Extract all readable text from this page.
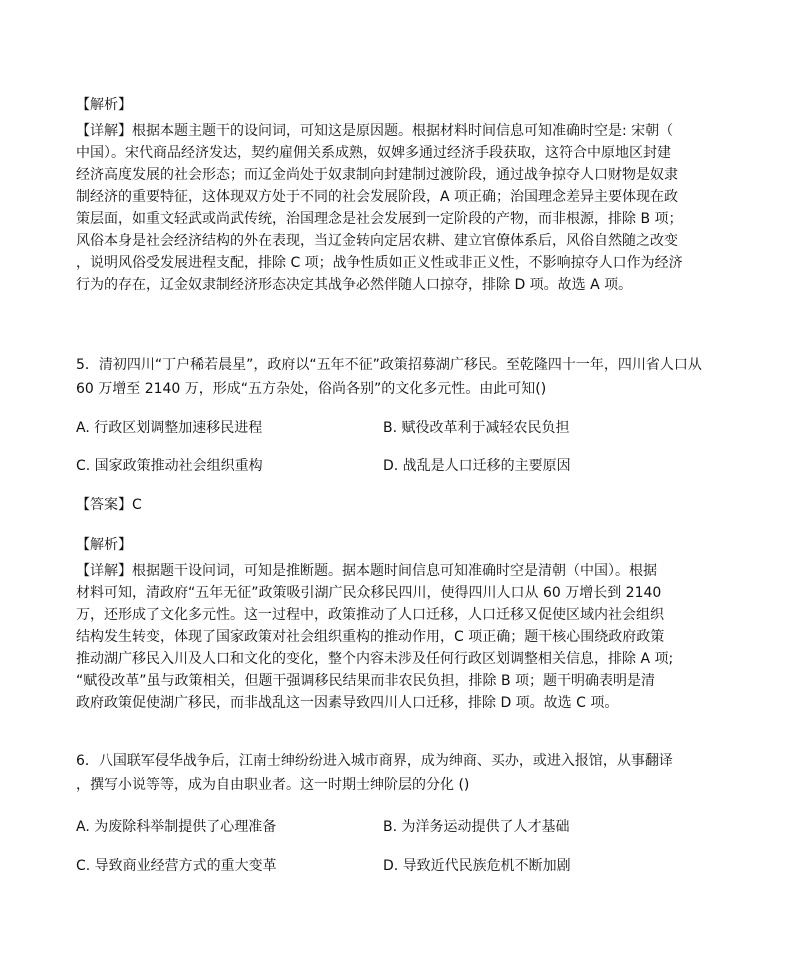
【解析】

【详解】根据本题主题干的设问词，可知这是原因题。根据材料时间信息可知准确时空是: 宋朝（
中国）。宋代商品经济发达，契约雇佣关系成熟，奴婢多通过经济手段获取，这符合中原地区封建
经济高度发展的社会形态；而辽金尚处于奴隶制向封建制过渡阶段，通过战争掠夺人口财物是奴隶
制经济的重要特征，这体现双方处于不同的社会发展阶段，A 项正确；治国理念差异主要体现在政
策层面，如重文轻武或尚武传统，治国理念是社会发展到一定阶段的产物，而非根源，排除 B 项；
风俗本身是社会经济结构的外在表现，当辽金转向定居农耕、建立官僚体系后，风俗自然随之改变
，说明风俗受发展进程支配，排除 C 项；战争性质如正义性或非正义性，不影响掠夺人口作为经济
行为的存在，辽金奴隶制经济形态决定其战争必然伴随人口掠夺，排除 D 项。故选 A 项。

5．清初四川“丁户稀若晨星”，政府以“五年不征”政策招募湖广移民。至乾隆四十一年，四川省人口从
60 万增至 2140 万，形成“五方杂处，俗尚各别”的文化多元性。由此可知()

A. 行政区划调整加速移民进程	B. 赋役改革利于减轻农民负担
C. 国家政策推动社会组织重构	D. 战乱是人口迁移的主要原因
【答案】C

【解析】

【详解】根据题干设问词，可知是推断题。据本题时间信息可知准确时空是清朝（中国）。根据
材料可知，清政府“五年无征”政策吸引湖广民众移民四川，使得四川人口从 60 万增长到 2140
万，还形成了文化多元性。这一过程中，政策推动了人口迁移，人口迁移又促使区域内社会组织
结构发生转变，体现了国家政策对社会组织重构的推动作用，C 项正确；题干核心围绕政府政策
推动湖广移民入川及人口和文化的变化，整个内容未涉及任何行政区划调整相关信息，排除 A 项;
“赋役改革”虽与政策相关，但题干强调移民结果而非农民负担，排除 B 项；题干明确表明是清
政府政策促使湖广移民，而非战乱这一因素导致四川人口迁移，排除 D 项。故选 C 项。

6．八国联军侵华战争后，江南士绅纷纷进入城市商界，成为绅商、买办，或进入报馆，从事翻译
，撰写小说等等，成为自由职业者。这一时期士绅阶层的分化 ()

A. 为废除科举制提供了心理准备	B. 为洋务运动提供了人才基础
C. 导致商业经营方式的重大变革	D. 导致近代民族危机不断加剧
